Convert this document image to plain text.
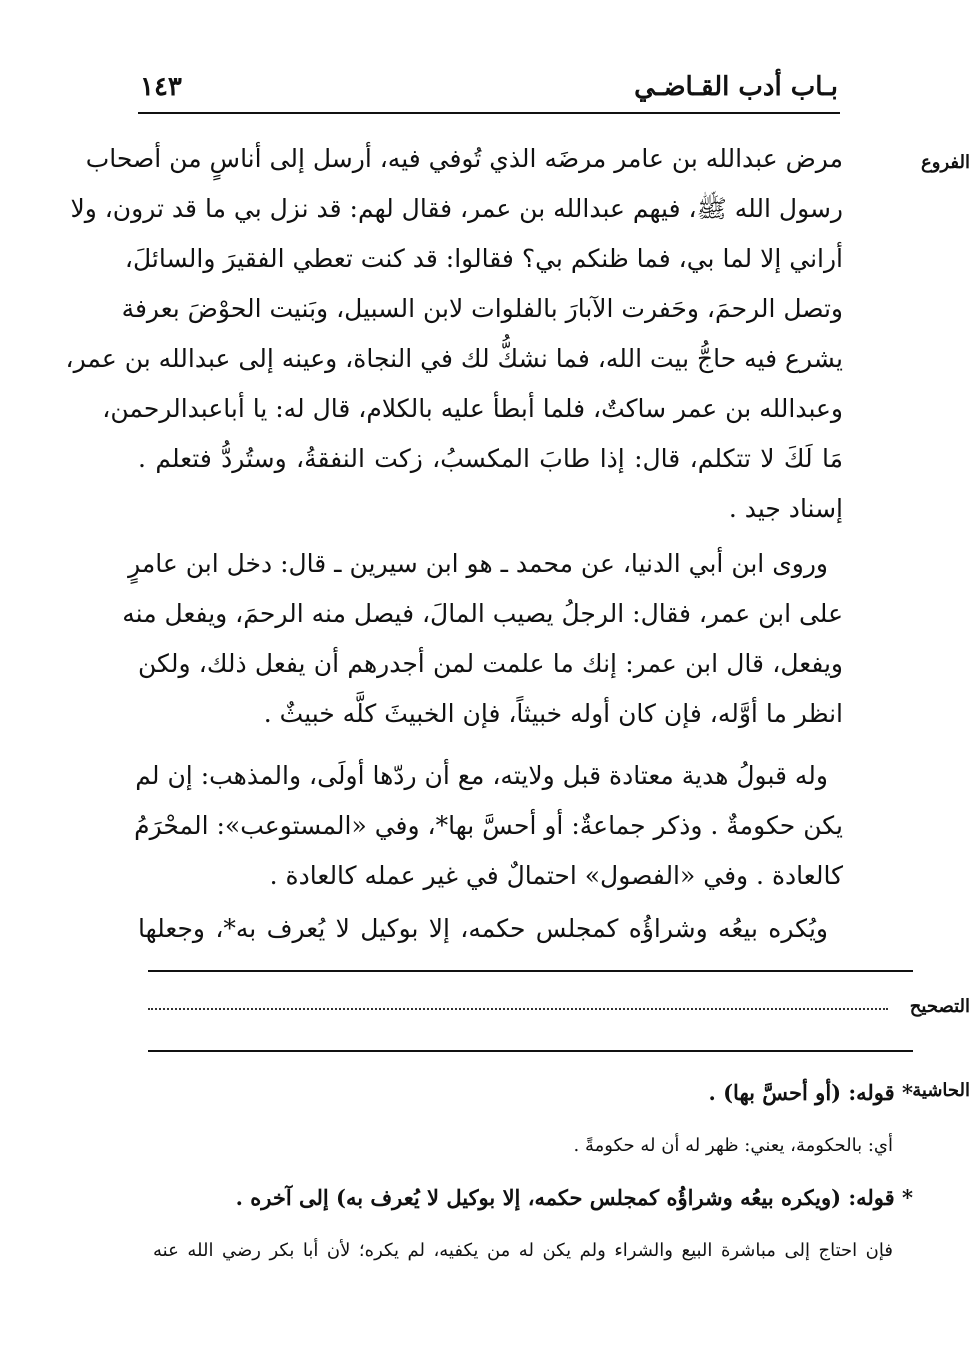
بـاب أدب القـاضـي
١٤٣
الفروع
مرض عبدالله بن عامر مرضَه الذي تُوفي فيه، أرسل إلى أناسٍ من أصحاب
رسول الله ﷺ، فيهم عبدالله بن عمر، فقال لهم: قد نزل بي ما قد ترون، ولا
أراني إلا لما بي، فما ظنكم بي؟ فقالوا: قد كنت تعطي الفقيرَ والسائلَ،
وتصل الرحمَ، وحَفرت الآبارَ بالفلوات لابن السبيل، وبَنيت الحوْضَ بعرفة
يشرع فيه حاجُّ بيت الله، فما نشكُّ لك في النجاة، وعينه إلى عبدالله بن عمر،
وعبدالله بن عمر ساكتٌ، فلما أبطأ عليه بالكلام، قال له: يا أباعبدالرحمن،
مَا لَكَ لا تتكلم، قال: إذا طابَ المكسبُ، زكت النفقةُ، وستُردُّ فتعلم .
إسناد جيد .
وروى ابن أبي الدنيا، عن محمد ـ هو ابن سيرين ـ قال: دخل ابن عامرٍ
على ابن عمر، فقال: الرجلُ يصيب المالَ، فيصل منه الرحمَ، ويفعل منه
ويفعل، قال ابن عمر: إنك ما علمت لمن أجدرهم أن يفعل ذلك، ولكن
انظر ما أوَّله، فإن كان أوله خبيثاً، فإن الخبيثَ كلَّه خبيثٌ .
وله قبولُ هدية معتادة قبل ولايته، مع أن ردّها أولَى، والمذهب: إن لم
يكن حكومةٌ . وذكر جماعةٌ: أو أحسَّ بها*، وفي «المستوعب»: المحْرَمُ
كالعادة . وفي «الفصول» احتمالٌ في غير عمله كالعادة .
ويُكره بيعُه وشراؤُه كمجلس حكمه، إلا بوكيل لا يُعرف به*، وجعلها
التصحيح
الحاشية
* قوله: (أو أحسَّ بها) .
أي: بالحكومة، يعني: ظهر له أن له حكومةً .
* قوله: (ويكره بيعُه وشراؤُه كمجلس حكمه، إلا بوكيل لا يُعرف به) إلى آخره .
فإن احتاج إلى مباشرة البيع والشراء ولم يكن له من يكفيه، لم يكره؛ لأن أبا بكر رضي الله عنه
